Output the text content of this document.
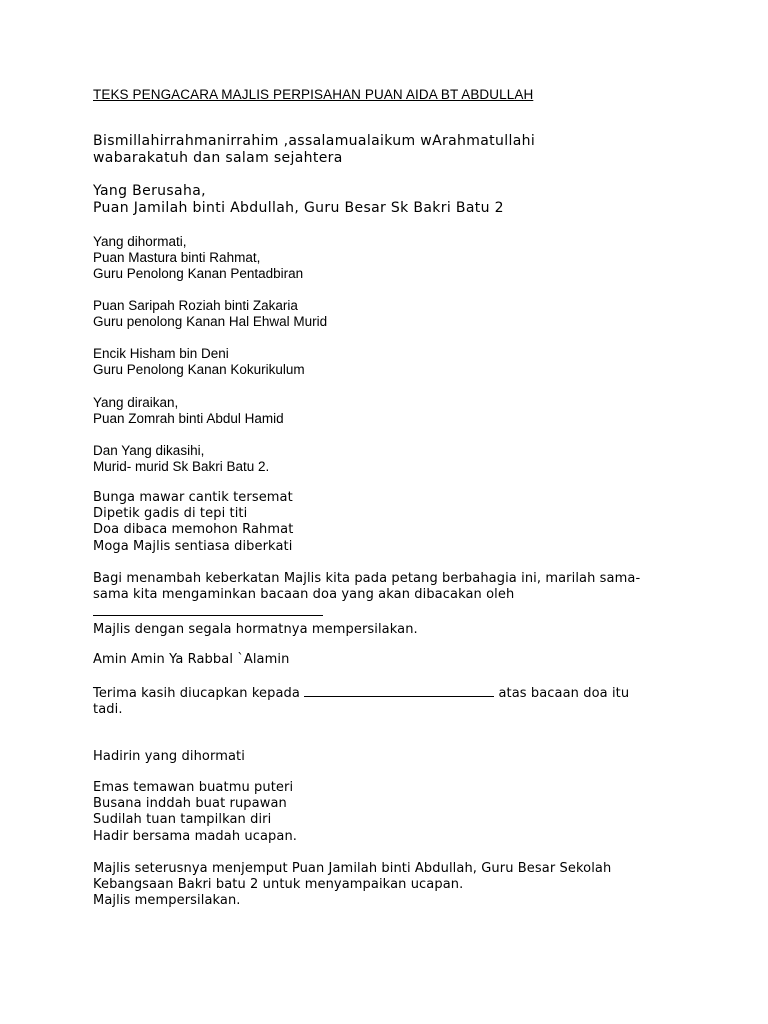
TEKS PENGACARA MAJLIS PERPISAHAN PUAN AIDA BT ABDULLAH
Bismillahirrahmanirrahim ,assalamualaikum wArahmatullahi
wabarakatuh dan salam sejahtera
Yang Berusaha,
Puan Jamilah binti Abdullah, Guru Besar Sk Bakri Batu 2
Yang dihormati,
Puan Mastura binti Rahmat,
Guru Penolong Kanan Pentadbiran
Puan Saripah Roziah binti Zakaria
Guru penolong Kanan Hal Ehwal Murid
Encik Hisham bin Deni
Guru Penolong Kanan Kokurikulum
Yang diraikan,
Puan Zomrah binti Abdul Hamid
Dan Yang dikasihi,
Murid- murid Sk Bakri Batu 2.
Bunga mawar cantik tersemat
Dipetik gadis di tepi titi
Doa dibaca memohon Rahmat
Moga Majlis sentiasa diberkati
Bagi menambah keberkatan Majlis kita pada petang berbahagia ini, marilah sama-
sama kita mengaminkan bacaan doa yang akan dibacakan oleh
Majlis dengan segala hormatnya mempersilakan.
Amin Amin Ya Rabbal `Alamin
Terima kasih diucapkan kepada	atas bacaan doa itu
tadi.
Hadirin yang dihormati
Emas temawan buatmu puteri
Busana inddah buat rupawan
Sudilah tuan tampilkan diri
Hadir bersama madah ucapan.
Majlis seterusnya menjemput Puan Jamilah binti Abdullah, Guru Besar Sekolah
Kebangsaan Bakri batu 2 untuk menyampaikan ucapan.
Majlis mempersilakan.
